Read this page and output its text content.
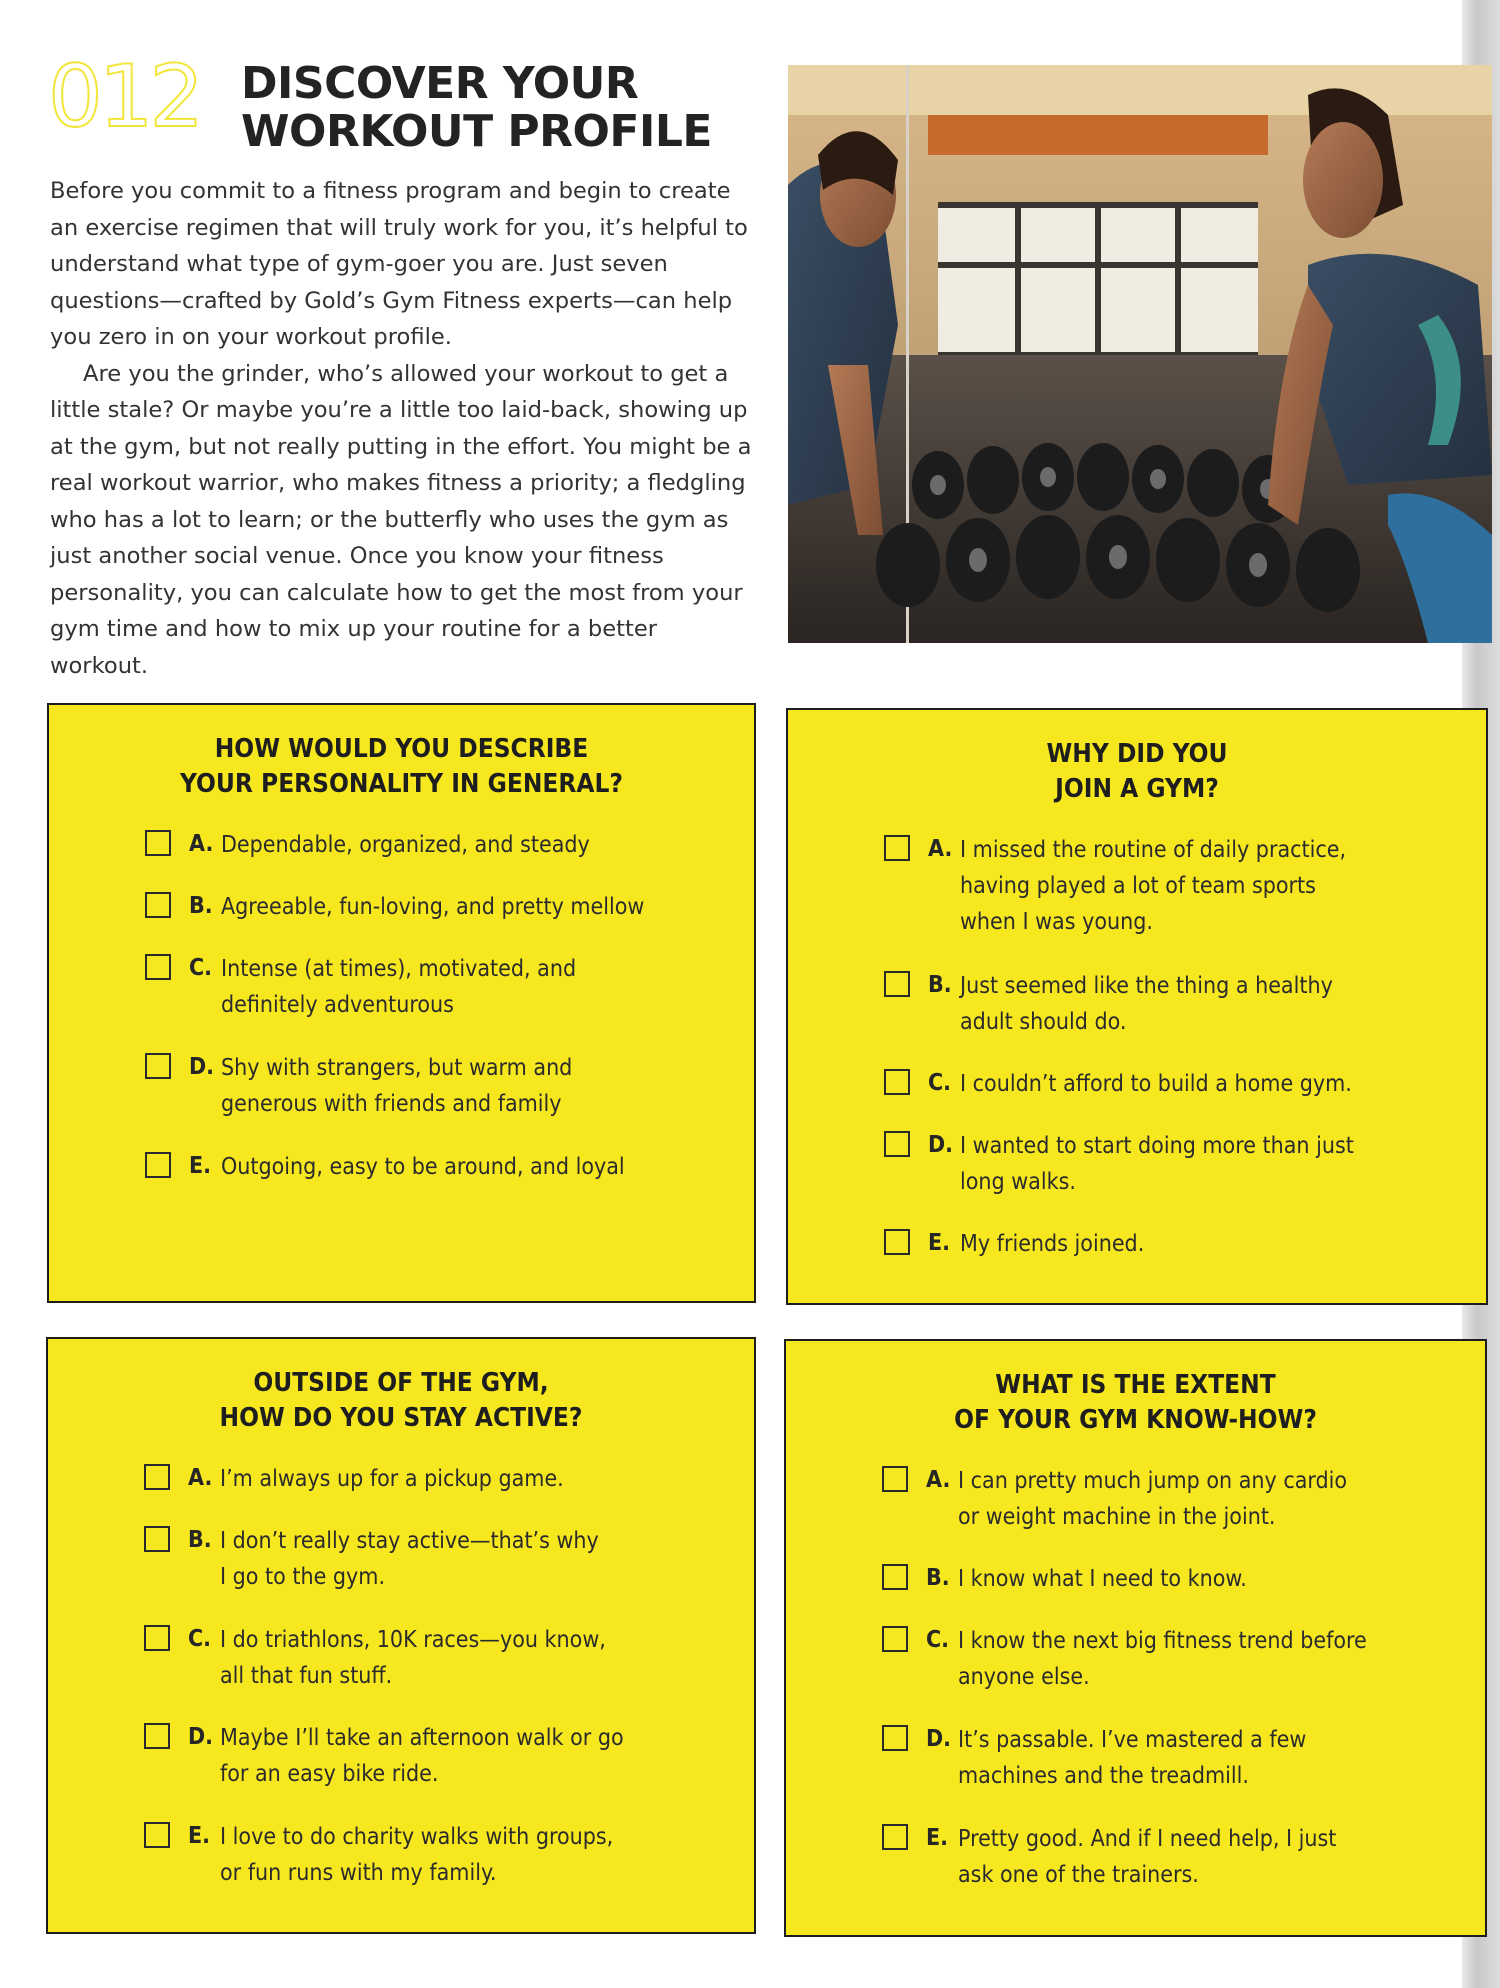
012 DISCOVER YOUR
WORKOUT PROFILE

Before you commit to a fitness program and begin to create an exercise regimen that will truly work for you, it’s helpful to understand what type of gym-goer you are. Just seven questions—crafted by Gold’s Gym Fitness experts—can help you zero in on your workout profile.

Are you the grinder, who’s allowed your workout to get a little stale? Or maybe you’re a little too laid-back, showing up at the gym, but not really putting in the effort. You might be a real workout warrior, who makes fitness a priority; a fledgling who has a lot to learn; or the butterfly who uses the gym as just another social venue. Once you know your fitness personality, you can calculate how to get the most from your gym time and how to mix up your routine for a better workout.

HOW WOULD YOU DESCRIBE
YOUR PERSONALITY IN GENERAL?
A. Dependable, organized, and steady
B. Agreeable, fun-loving, and pretty mellow
C. Intense (at times), motivated, and
definitely adventurous
D. Shy with strangers, but warm and
generous with friends and family
E. Outgoing, easy to be around, and loyal
WHY DID YOU
JOIN A GYM?
A. I missed the routine of daily practice,
having played a lot of team sports
when I was young.
B. Just seemed like the thing a healthy
adult should do.
C. I couldn’t afford to build a home gym.
D. I wanted to start doing more than just
long walks.
E. My friends joined.
OUTSIDE OF THE GYM,
HOW DO YOU STAY ACTIVE?
A. I’m always up for a pickup game.
B. I don’t really stay active—that’s why
I go to the gym.
C. I do triathlons, 10K races—you know,
all that fun stuff.
D. Maybe I’ll take an afternoon walk or go
for an easy bike ride.
E. I love to do charity walks with groups,
or fun runs with my family.
WHAT IS THE EXTENT
OF YOUR GYM KNOW-HOW?
A. I can pretty much jump on any cardio
or weight machine in the joint.
B. I know what I need to know.
C. I know the next big fitness trend before
anyone else.
D. It’s passable. I’ve mastered a few
machines and the treadmill.
E. Pretty good. And if I need help, I just
ask one of the trainers.
